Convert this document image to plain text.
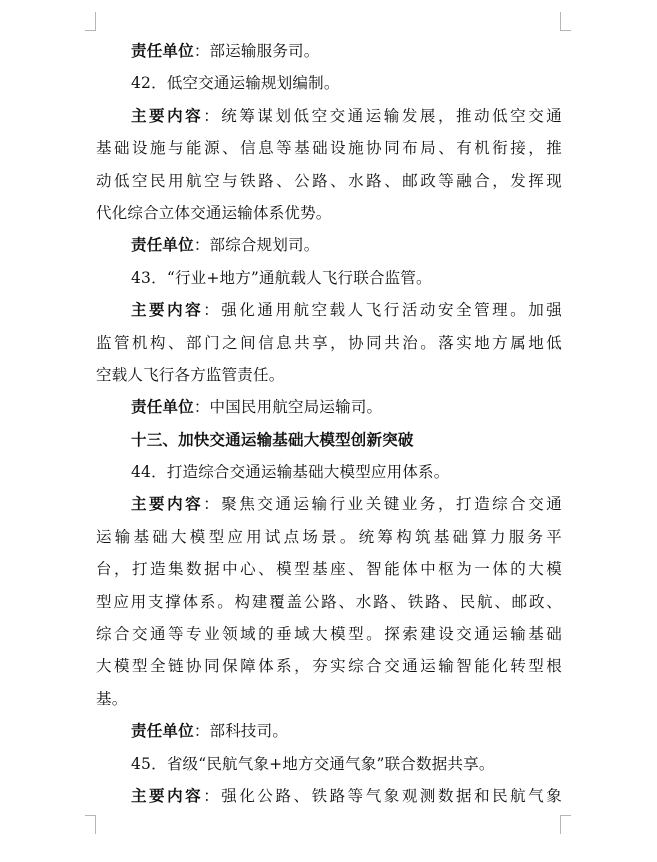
责任单位：部运输服务司。
42．低空交通运输规划编制。
主要内容：统筹谋划低空交通运输发展，推动低空交通
基础设施与能源、信息等基础设施协同布局、有机衔接，推
动低空民用航空与铁路、公路、水路、邮政等融合，发挥现
代化综合立体交通运输体系优势。
责任单位：部综合规划司。
43．“行业+地方”通航载人飞行联合监管。
主要内容：强化通用航空载人飞行活动安全管理。加强
监管机构、部门之间信息共享，协同共治。落实地方属地低
空载人飞行各方监管责任。
责任单位：中国民用航空局运输司。
十三、加快交通运输基础大模型创新突破
44．打造综合交通运输基础大模型应用体系。
主要内容：聚焦交通运输行业关键业务，打造综合交通
运输基础大模型应用试点场景。统筹构筑基础算力服务平
台，打造集数据中心、模型基座、智能体中枢为一体的大模
型应用支撑体系。构建覆盖公路、水路、铁路、民航、邮政、
综合交通等专业领域的垂域大模型。探索建设交通运输基础
大模型全链协同保障体系，夯实综合交通运输智能化转型根
基。
责任单位：部科技司。
45．省级“民航气象+地方交通气象”联合数据共享。
主要内容：强化公路、铁路等气象观测数据和民航气象
